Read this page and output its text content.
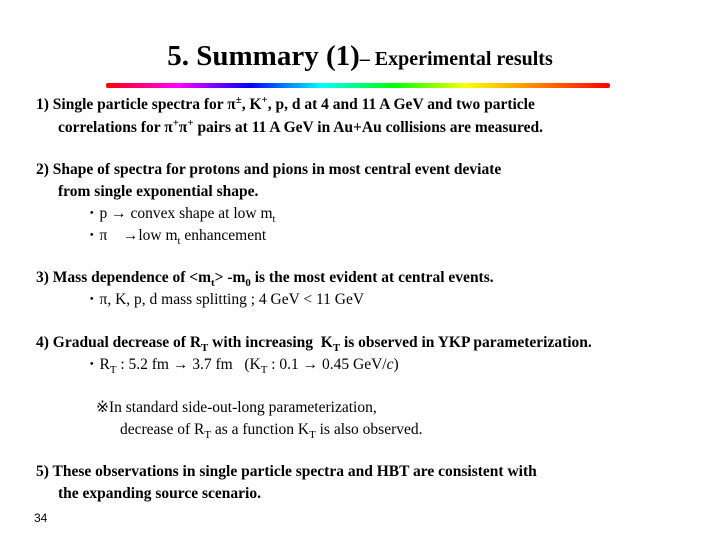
5. Summary (1)– Experimental results
1) Single particle spectra for π±, K+, p, d at 4 and 11 A GeV and two particle
correlations for π+π+ pairs at 11 A GeV in Au+Au collisions are measured.
2) Shape of spectra for protons and pions in most central event deviate
from single exponential shape.
・p → convex shape at low $m_t$
・π    →low $m_t$ enhancement
3) Mass dependence of $<m_t> -m_0$ is the most evident at central events.
・π, K, p, d mass splitting ; 4 GeV < 11 GeV
4) Gradual decrease of $R_T$ with increasing  $K_T$ is observed in YKP parameterization.
・$R_T$ : 5.2 fm → 3.7 fm   ($K_T$ : 0.1 → 0.45 GeV/c)
※In standard side-out-long parameterization,
decrease of $R_T$ as a function $K_T$ is also observed.
5) These observations in single particle spectra and HBT are consistent with
the expanding source scenario.
34
